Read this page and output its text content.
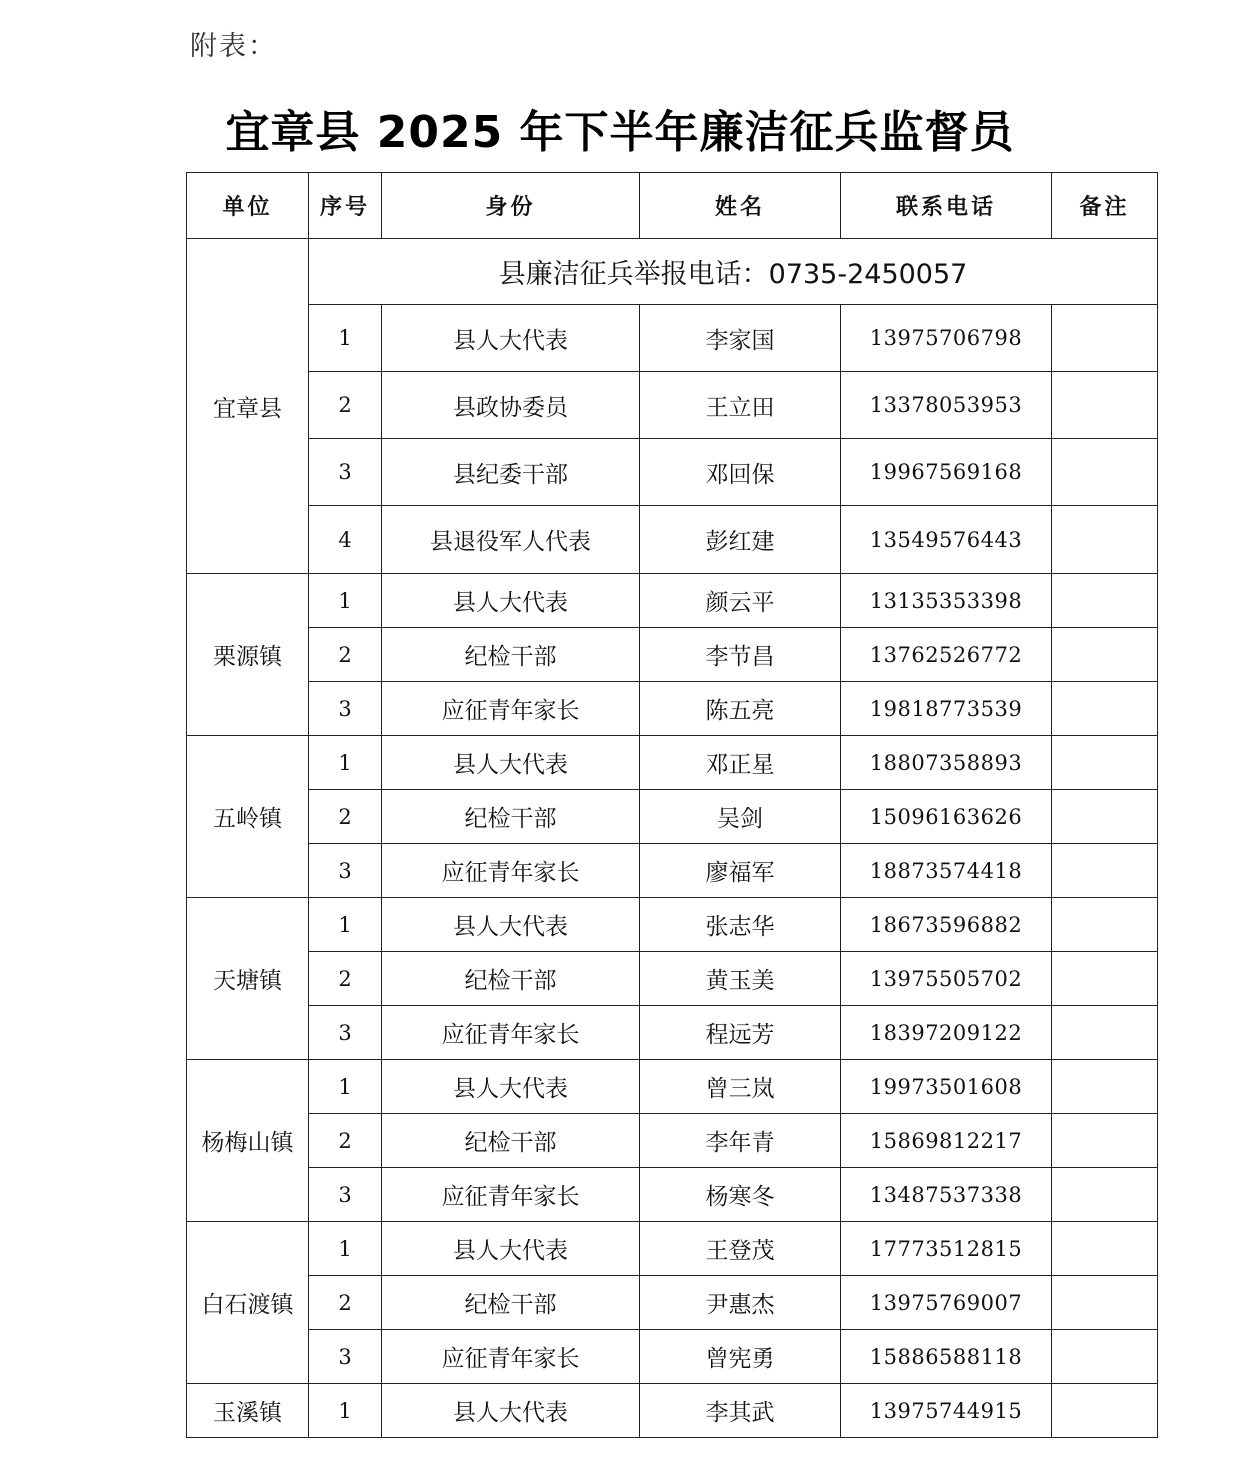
附表：
宜章县 2025 年下半年廉洁征兵监督员
单位	序号	身份	姓名	联系电话	备注
宜章县	县廉洁征兵举报电话：0735-2450057				
	1	县人大代表	李家国	13975706798	
	2	县政协委员	王立田	13378053953	
	3	县纪委干部	邓回保	19967569168	
	4	县退役军人代表	彭红建	13549576443	
栗源镇	1	县人大代表	颜云平	13135353398	
	2	纪检干部	李节昌	13762526772	
	3	应征青年家长	陈五亮	19818773539	
五岭镇	1	县人大代表	邓正星	18807358893	
	2	纪检干部	吴剑	15096163626	
	3	应征青年家长	廖福军	18873574418	
天塘镇	1	县人大代表	张志华	18673596882	
	2	纪检干部	黄玉美	13975505702	
	3	应征青年家长	程远芳	18397209122	
杨梅山镇	1	县人大代表	曾三岚	19973501608	
	2	纪检干部	李年青	15869812217	
	3	应征青年家长	杨寒冬	13487537338	
白石渡镇	1	县人大代表	王登茂	17773512815	
	2	纪检干部	尹惠杰	13975769007	
	3	应征青年家长	曾宪勇	15886588118	
玉溪镇	1	县人大代表	李其武	13975744915	
